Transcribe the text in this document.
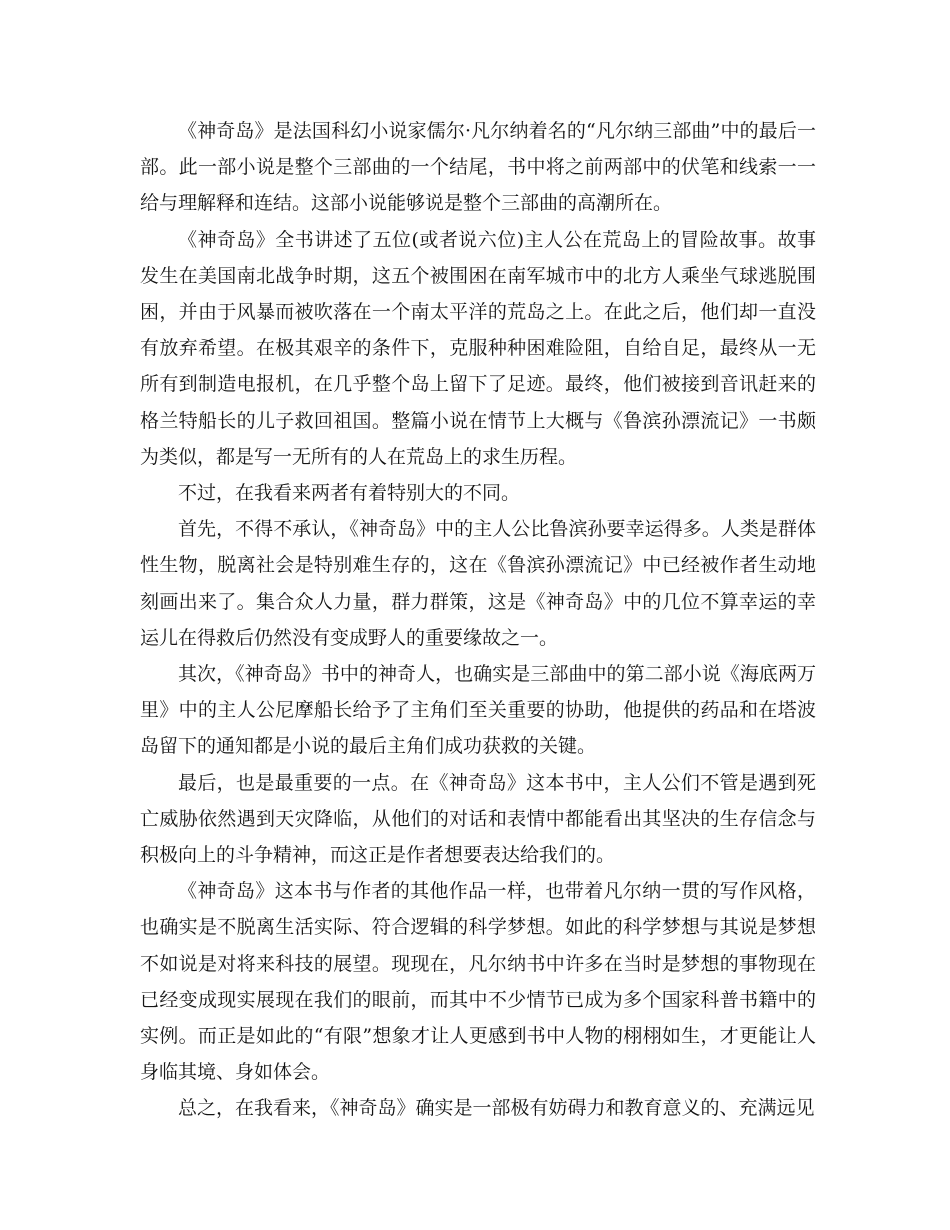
《神奇岛》是法国科幻小说家儒尔·凡尔纳着名的“凡尔纳三部曲”中的最后一部。此一部小说是整个三部曲的一个结尾，书中将之前两部中的伏笔和线索一一给与理解释和连结。这部小说能够说是整个三部曲的高潮所在。

《神奇岛》全书讲述了五位(或者说六位)主人公在荒岛上的冒险故事。故事发生在美国南北战争时期，这五个被围困在南军城市中的北方人乘坐气球逃脱围困，并由于风暴而被吹落在一个南太平洋的荒岛之上。在此之后，他们却一直没有放弃希望。在极其艰辛的条件下，克服种种困难险阻，自给自足，最终从一无所有到制造电报机，在几乎整个岛上留下了足迹。最终，他们被接到音讯赶来的格兰特船长的儿子救回祖国。整篇小说在情节上大概与《鲁滨孙漂流记》一书颇为类似，都是写一无所有的人在荒岛上的求生历程。

不过，在我看来两者有着特别大的不同。

首先，不得不承认，《神奇岛》中的主人公比鲁滨孙要幸运得多。人类是群体性生物，脱离社会是特别难生存的，这在《鲁滨孙漂流记》中已经被作者生动地刻画出来了。集合众人力量，群力群策，这是《神奇岛》中的几位不算幸运的幸运儿在得救后仍然没有变成野人的重要缘故之一。

其次，《神奇岛》书中的神奇人，也确实是三部曲中的第二部小说《海底两万里》中的主人公尼摩船长给予了主角们至关重要的协助，他提供的药品和在塔波岛留下的通知都是小说的最后主角们成功获救的关键。

最后，也是最重要的一点。在《神奇岛》这本书中，主人公们不管是遇到死亡威胁依然遇到天灾降临，从他们的对话和表情中都能看出其坚决的生存信念与积极向上的斗争精神，而这正是作者想要表达给我们的。

《神奇岛》这本书与作者的其他作品一样，也带着凡尔纳一贯的写作风格，也确实是不脱离生活实际、符合逻辑的科学梦想。如此的科学梦想与其说是梦想不如说是对将来科技的展望。现现在，凡尔纳书中许多在当时是梦想的事物现在已经变成现实展现在我们的眼前，而其中不少情节已成为多个国家科普书籍中的实例。而正是如此的“有限”想象才让人更感到书中人物的栩栩如生，才更能让人身临其境、身如体会。

总之，在我看来，《神奇岛》确实是一部极有妨碍力和教育意义的、充满远见
